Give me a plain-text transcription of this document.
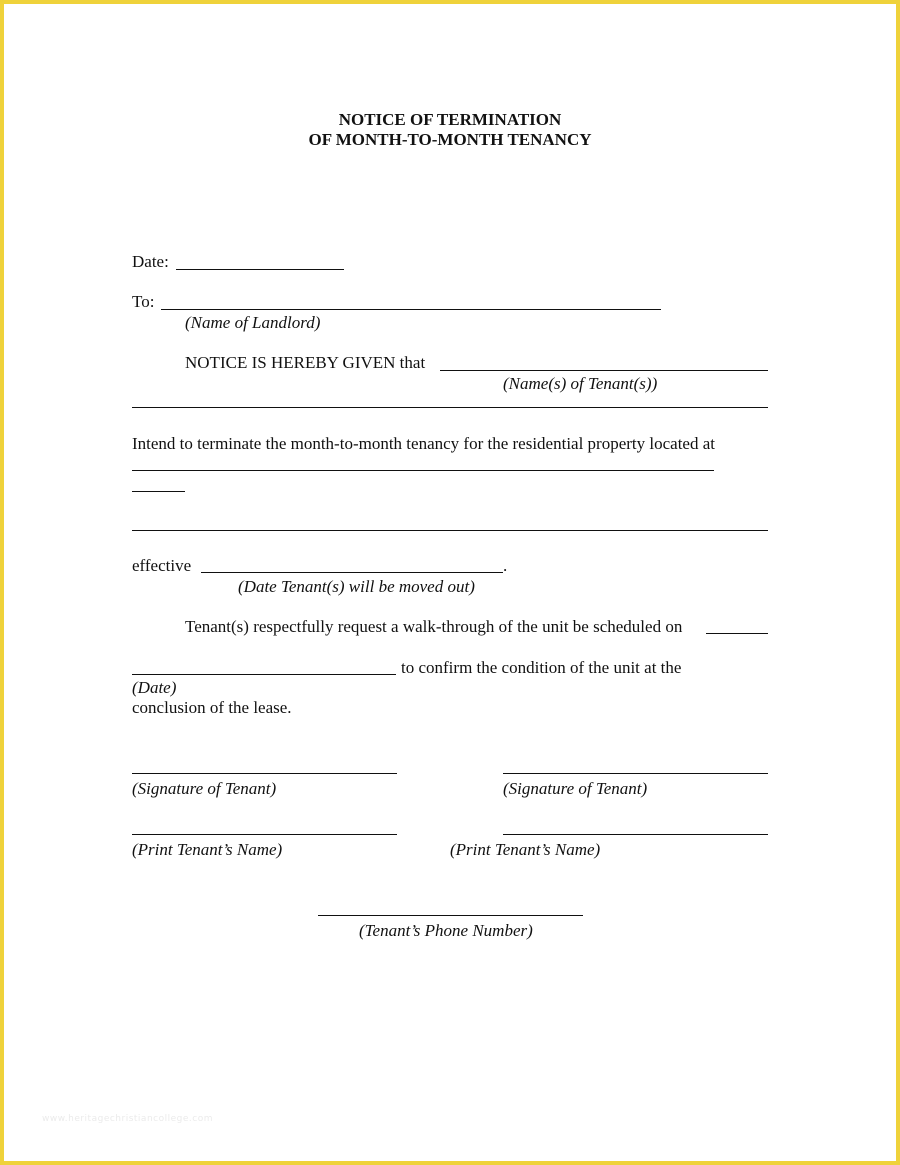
NOTICE OF TERMINATION
OF MONTH-TO-MONTH TENANCY
Date:
To:
(Name of Landlord)
NOTICE IS HEREBY GIVEN that
(Name(s) of Tenant(s))
Intend to terminate the month-to-month tenancy for the residential property located at
effective	.
(Date Tenant(s) will be moved out)
Tenant(s) respectfully request a walk-through of the unit be scheduled on
to confirm the condition of the unit at the
(Date)
conclusion of the lease.
(Signature of Tenant)	(Signature of Tenant)
(Print Tenant’s Name)	(Print Tenant’s Name)
(Tenant’s Phone Number)
www.heritagechristiancollege.com
